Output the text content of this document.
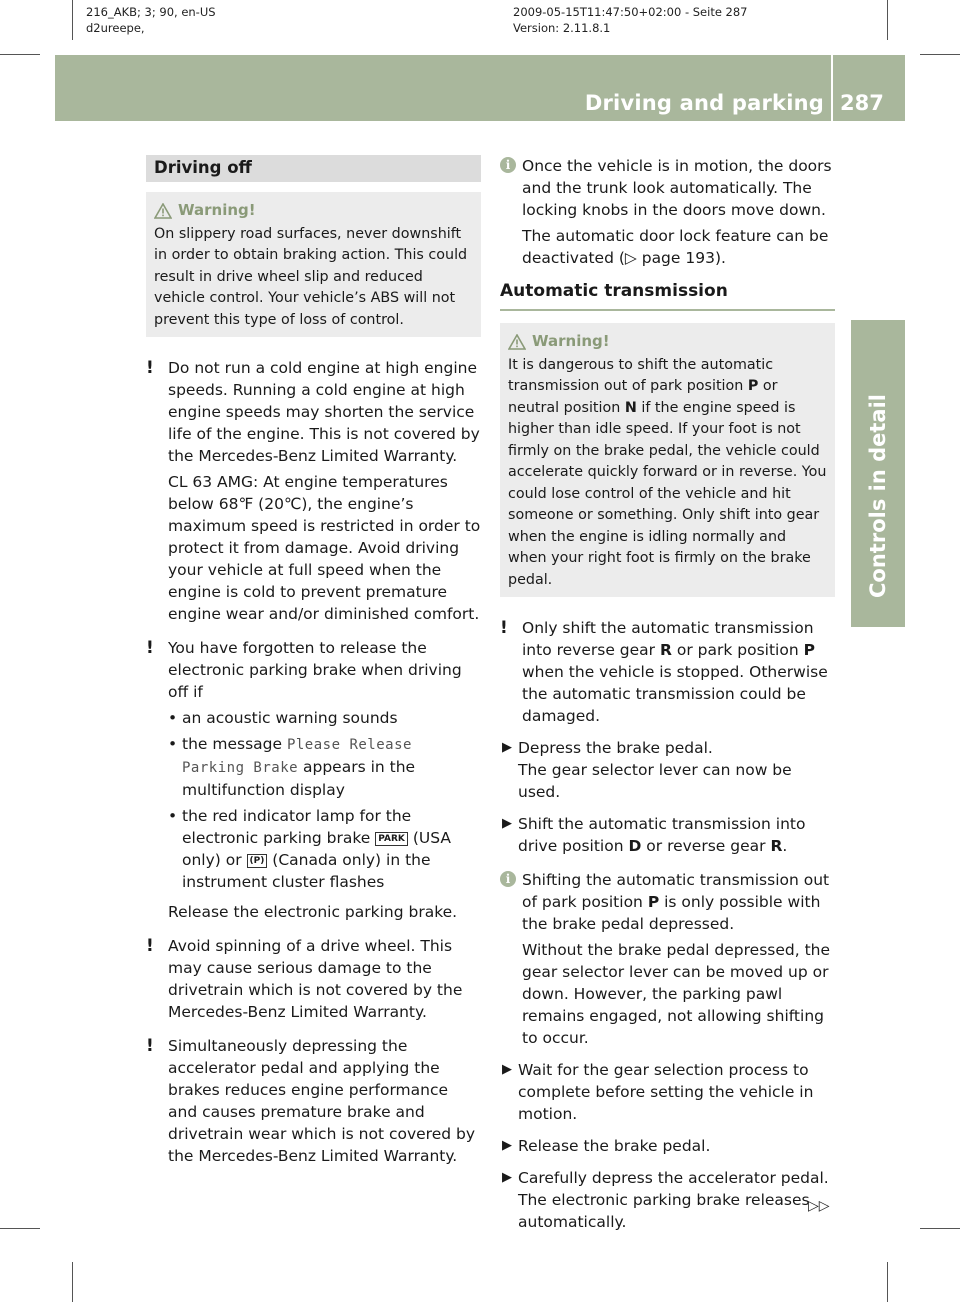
216_AKB; 3; 90, en-US
d2ureepe,
2009-05-15T11:47:50+02:00 - Seite 287
Version: 2.11.8.1
Driving and parking 287
Controls in detail
Driving off
Warning!
On slippery road surfaces, never downshift in order to obtain braking action. This could result in drive wheel slip and reduced vehicle control. Your vehicle’s ABS will not prevent this type of loss of control.
! Do not run a cold engine at high engine speeds. Running a cold engine at high engine speeds may shorten the service life of the engine. This is not covered by the Mercedes-Benz Limited Warranty.
CL 63 AMG: At engine temperatures below 68℉ (20℃), the engine’s maximum speed is restricted in order to protect it from damage. Avoid driving your vehicle at full speed when the engine is cold to prevent premature engine wear and/or diminished comfort.
! You have forgotten to release the electronic parking brake when driving off if
• an acoustic warning sounds
• the message Please Release Parking Brake appears in the multifunction display
• the red indicator lamp for the electronic parking brake PARK (USA only) or (P) (Canada only) in the instrument cluster flashes
Release the electronic parking brake.
! Avoid spinning of a drive wheel. This may cause serious damage to the drivetrain which is not covered by the Mercedes-Benz Limited Warranty.
! Simultaneously depressing the accelerator pedal and applying the brakes reduces engine performance and causes premature brake and drivetrain wear which is not covered by the Mercedes-Benz Limited Warranty.
i Once the vehicle is in motion, the doors and the trunk look automatically. The locking knobs in the doors move down.
The automatic door lock feature can be deactivated (▷ page 193).
Automatic transmission
Warning!
It is dangerous to shift the automatic transmission out of park position P or neutral position N if the engine speed is higher than idle speed. If your foot is not firmly on the brake pedal, the vehicle could accelerate quickly forward or in reverse. You could lose control of the vehicle and hit someone or something. Only shift into gear when the engine is idling normally and when your right foot is firmly on the brake pedal.
! Only shift the automatic transmission into reverse gear R or park position P when the vehicle is stopped. Otherwise the automatic transmission could be damaged.
▶ Depress the brake pedal.
The gear selector lever can now be used.
▶ Shift the automatic transmission into drive position D or reverse gear R.
i Shifting the automatic transmission out of park position P is only possible with the brake pedal depressed.
Without the brake pedal depressed, the gear selector lever can be moved up or down. However, the parking pawl remains engaged, not allowing shifting to occur.
▶ Wait for the gear selection process to complete before setting the vehicle in motion.
▶ Release the brake pedal.
▶ Carefully depress the accelerator pedal.
The electronic parking brake releases automatically.
▷▷
